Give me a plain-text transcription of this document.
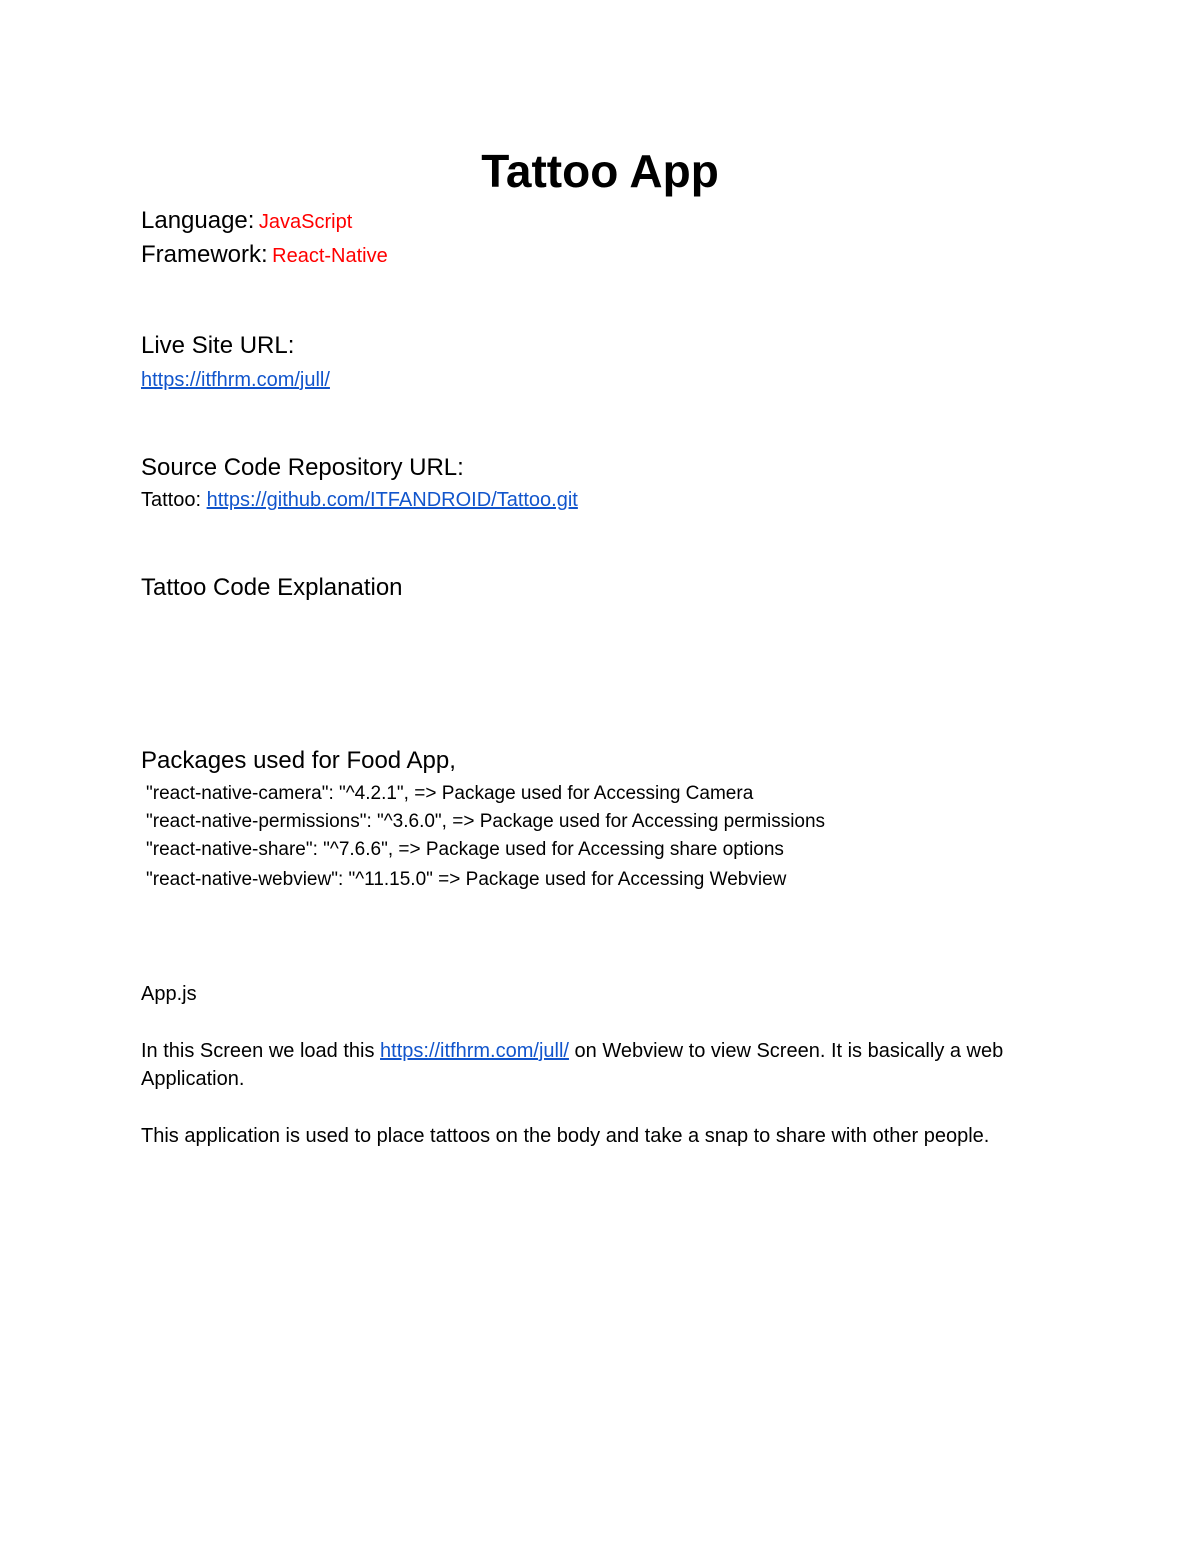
Tattoo App

Language: JavaScript

Framework: React-Native

Live Site URL:

https://itfhrm.com/jull/

Source Code Repository URL:

Tattoo: https://github.com/ITFANDROID/Tattoo.git

Tattoo Code Explanation

Packages used for Food App,

"react-native-camera": "^4.2.1", => Package used for Accessing Camera

"react-native-permissions": "^3.6.0", => Package used for Accessing permissions

"react-native-share": "^7.6.6", => Package used for Accessing share options

"react-native-webview": "^11.15.0" => Package used for Accessing Webview

App.js

In this Screen we load this https://itfhrm.com/jull/ on Webview to view Screen. It is basically a web Application.

This application is used to place tattoos on the body and take a snap to share with other people.
